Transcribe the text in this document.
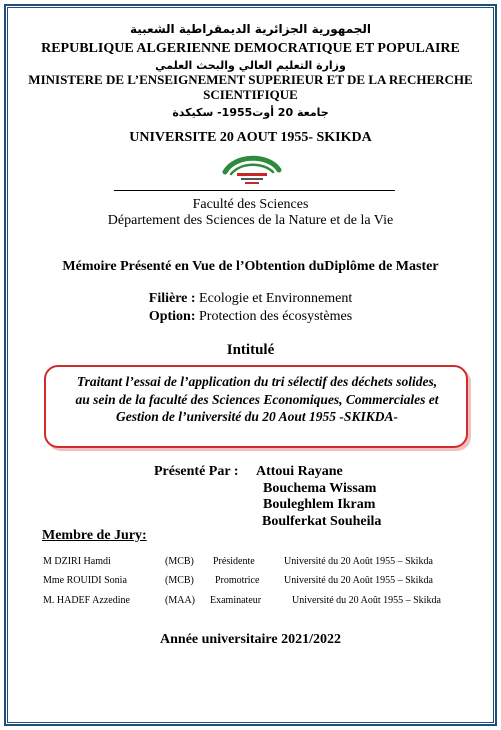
الجمهورية الجزائرية الديمقراطية الشعبية
REPUBLIQUE ALGERIENNE DEMOCRATIQUE ET POPULAIRE
وزارة التعليم العالي والبحث العلمي
MINISTERE DE L’ENSEIGNEMENT SUPERIEUR ET DE LA RECHERCHE
SCIENTIFIQUE
جامعة 20 أوت1955- سكيكدة
UNIVERSITE 20 AOUT 1955- SKIKDA
Faculté des Sciences
Département des Sciences de la Nature et de la Vie
Mémoire Présenté en Vue de l’Obtention duDiplôme de Master
Filière : Ecologie et Environnement
Option: Protection des écosystèmes
Intitulé
Traitant l’essai de l’application du tri sélectif des déchets solides,
au sein de la faculté des Sciences Economiques, Commerciales et
Gestion de l’université du 20 Aout 1955 -SKIKDA-
Présenté Par : Attoui Rayane
Bouchema Wissam
Bouleghlem Ikram
Boulferkat Souheila
Membre de Jury:
M DZIRI Hamdi	(MCB) Présidente	Université du 20 Août 1955 – Skikda
Mme ROUIDI Sonia	(MCB) Promotrice Université du 20 Août 1955 – Skikda
M. HADEF Azzedine	(MAA) Examinateur	Université du 20 Août 1955 – Skikda
Année universitaire 2021/2022
